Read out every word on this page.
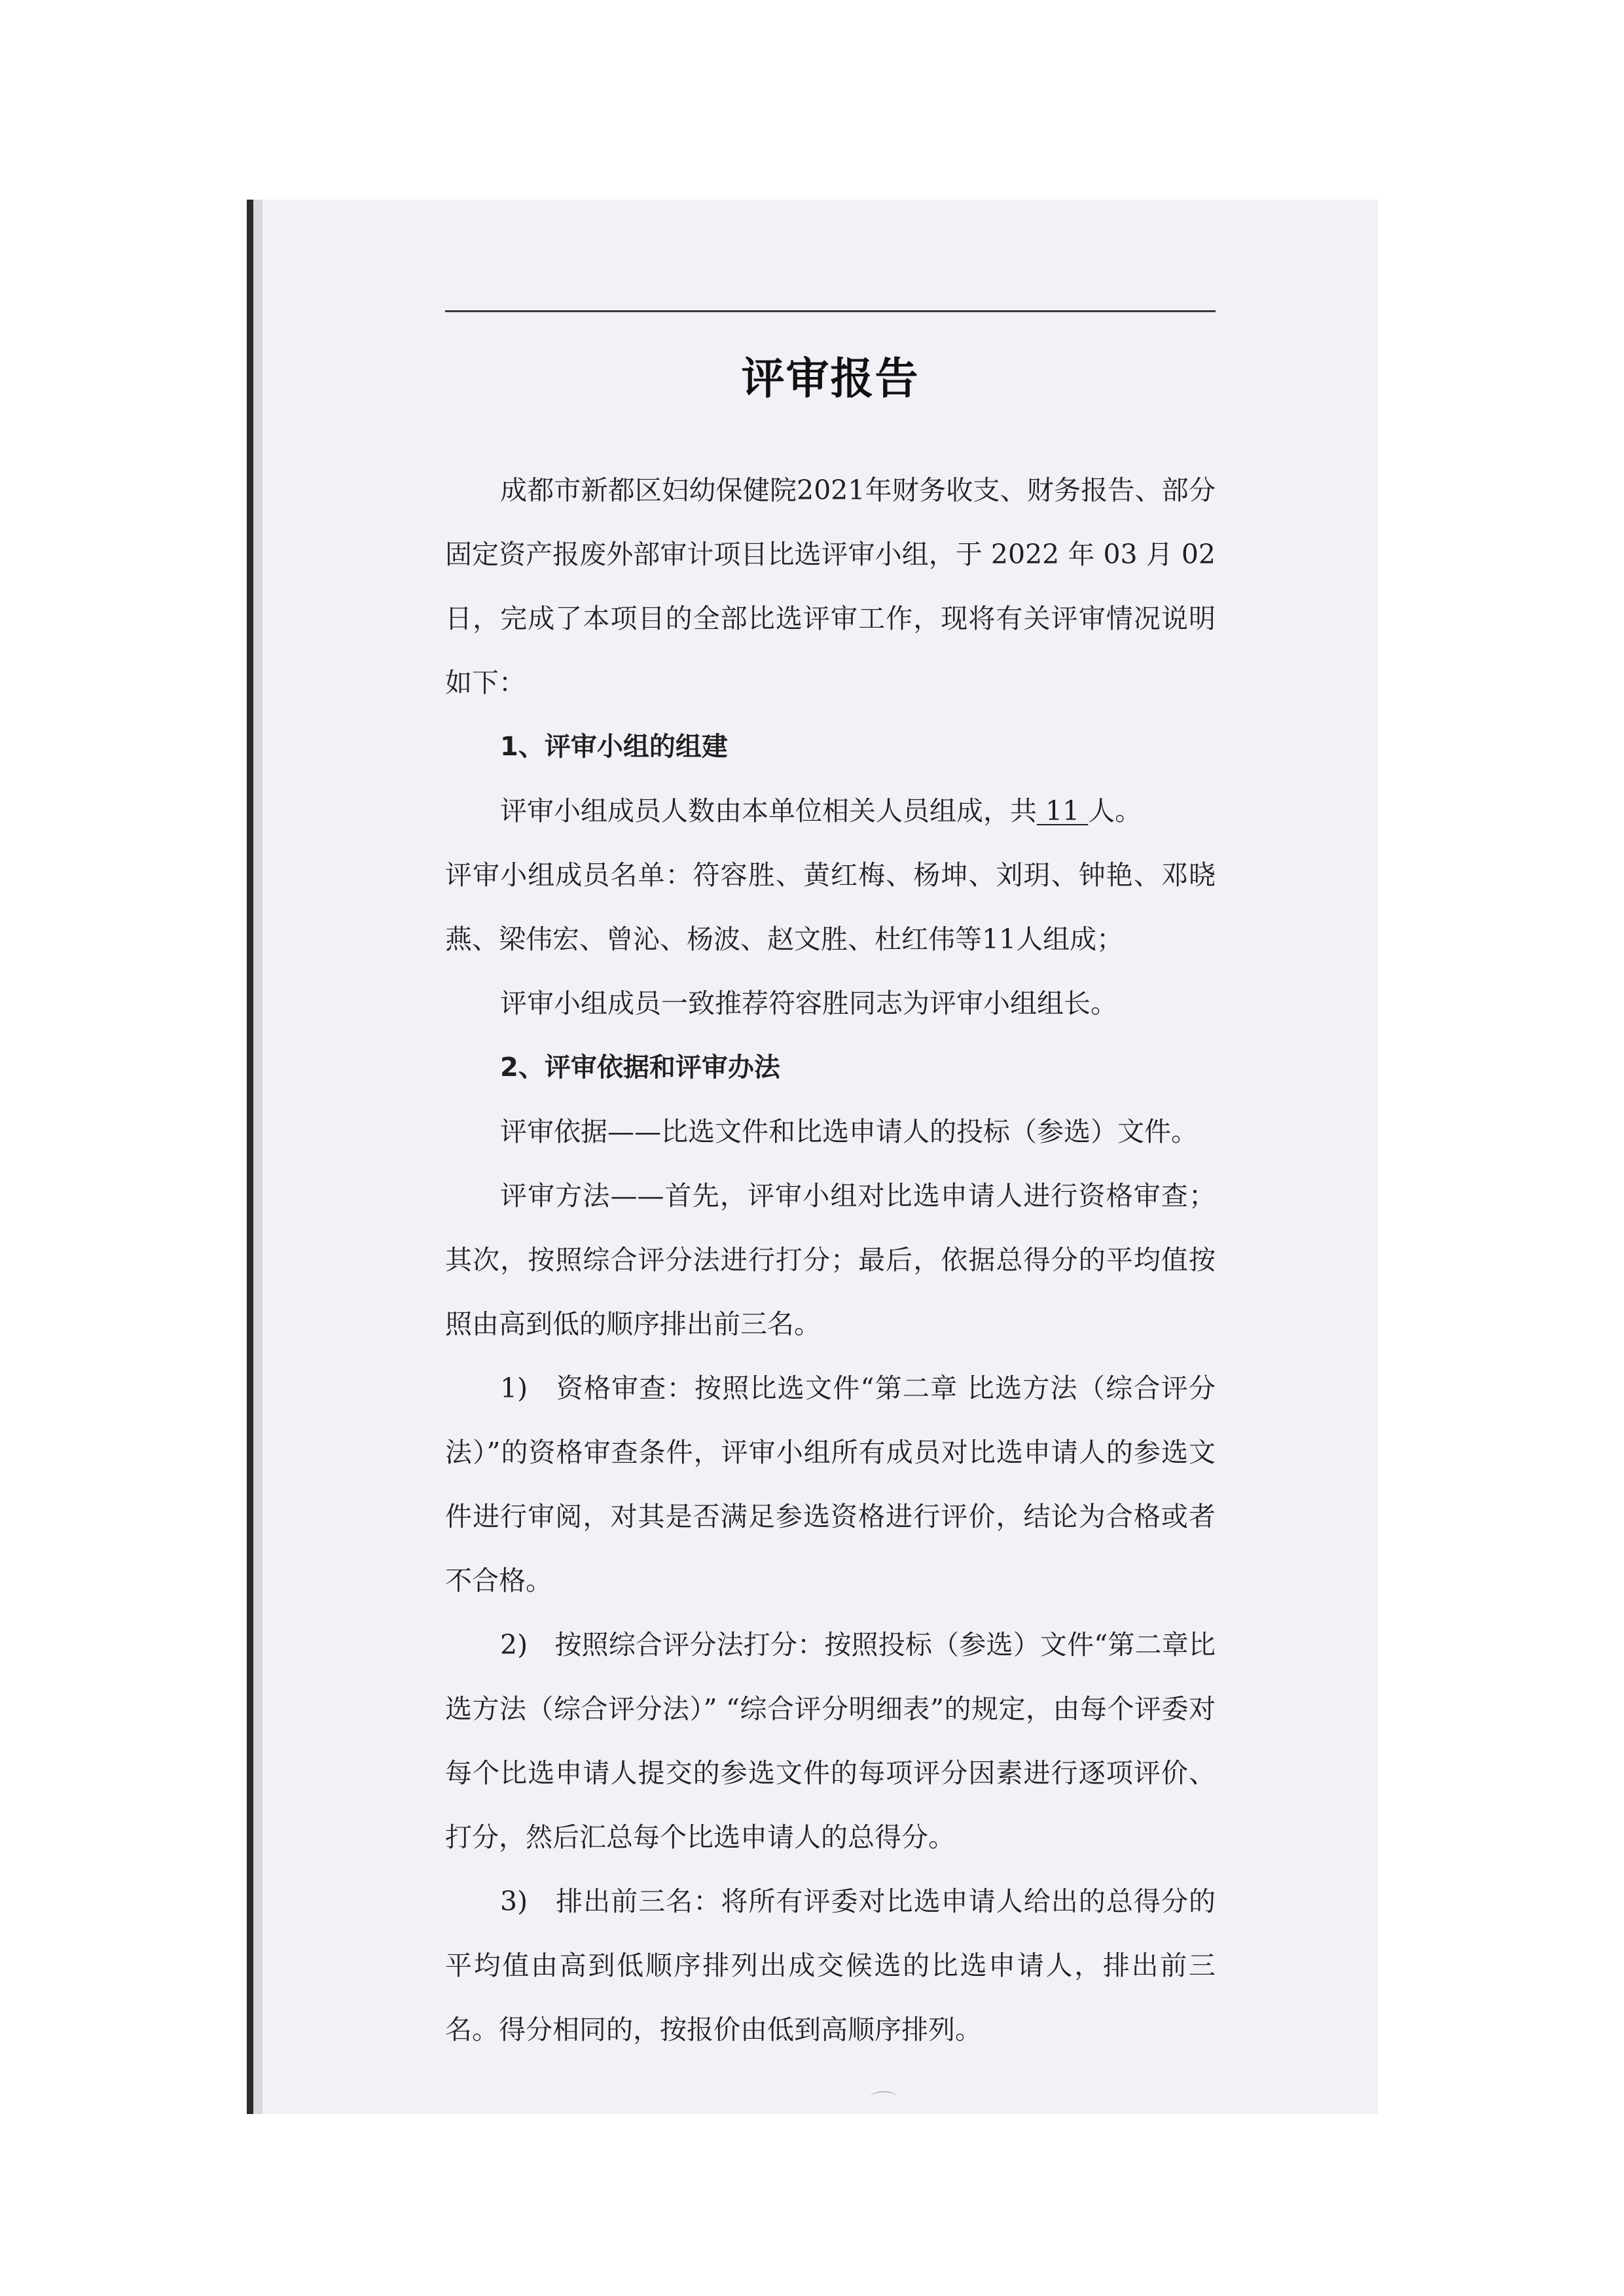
评审报告

成都市新都区妇幼保健院2021年财务收支、财务报告、部分固定资产报废外部审计项目比选评审小组，于 2022 年 03 月 02 日，完成了本项目的全部比选评审工作，现将有关评审情况说明如下：

1、评审小组的组建

评审小组成员人数由本单位相关人员组成，共 11 人。

评审小组成员名单：符容胜、黄红梅、杨坤、刘玥、钟艳、邓晓燕、梁伟宏、曾沁、杨波、赵文胜、杜红伟等11人组成；

评审小组成员一致推荐符容胜同志为评审小组组长。

2、评审依据和评审办法

评审依据——比选文件和比选申请人的投标（参选）文件。

评审方法——首先，评审小组对比选申请人进行资格审查；其次，按照综合评分法进行打分；最后，依据总得分的平均值按照由高到低的顺序排出前三名。

1)　资格审查：按照比选文件“第二章 比选方法（综合评分法）”的资格审查条件，评审小组所有成员对比选申请人的参选文件进行审阅，对其是否满足参选资格进行评价，结论为合格或者不合格。

2)　按照综合评分法打分：按照投标（参选）文件“第二章比选方法（综合评分法）” “综合评分明细表”的规定，由每个评委对每个比选申请人提交的参选文件的每项评分因素进行逐项评价、打分，然后汇总每个比选申请人的总得分。

3)　排出前三名：将所有评委对比选申请人给出的总得分的平均值由高到低顺序排列出成交候选的比选申请人，排出前三名。得分相同的，按报价由低到高顺序排列。
